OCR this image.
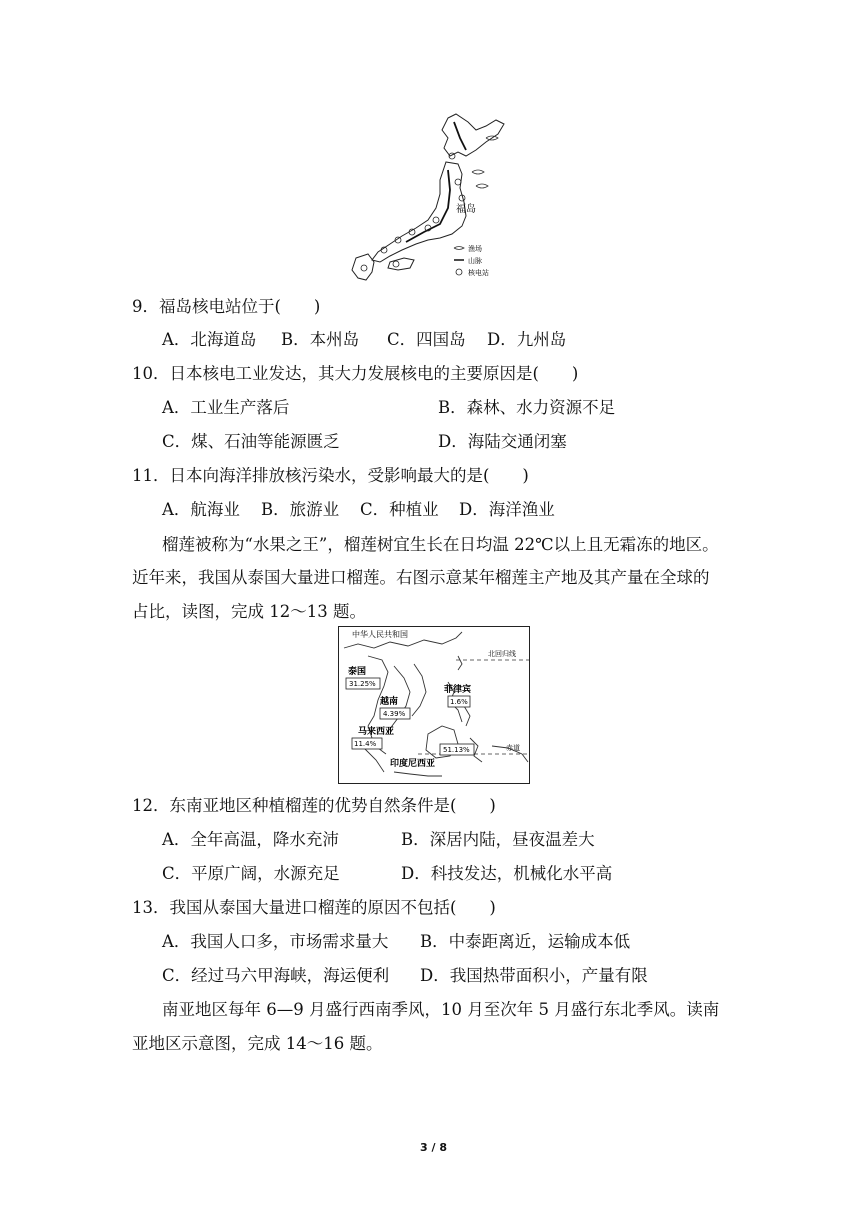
福岛
渔场
山脉
核电站
9．福岛核电站位于(　　)
A．北海道岛 B．本州岛 C．四国岛 D．九州岛
10．日本核电工业发达，其大力发展核电的主要原因是(　　)
A．工业生产落后	B．森林、水力资源不足
C．煤、石油等能源匮乏	D．海陆交通闭塞
11．日本向海洋排放核污染水，受影响最大的是(　　)
A．航海业 B．旅游业 C．种植业 D．海洋渔业
榴莲被称为“水果之王”，榴莲树宜生长在日均温 22℃以上且无霜冻的地区。
近年来，我国从泰国大量进口榴莲。右图示意某年榴莲主产地及其产量在全球的
占比，读图，完成 12～13 题。
中华人民共和国
北回归线
赤道
泰国
31.25%
越南
4.39%
菲律宾
1.6%
马来西亚
11.4%
印度尼西亚
51.13%
12．东南亚地区种植榴莲的优势自然条件是(　　)
A．全年高温，降水充沛	B．深居内陆，昼夜温差大
C．平原广阔，水源充足	D．科技发达，机械化水平高
13．我国从泰国大量进口榴莲的原因不包括(　　)
A．我国人口多，市场需求量大 B．中泰距离近，运输成本低
C．经过马六甲海峡，海运便利 D．我国热带面积小，产量有限
南亚地区每年 6—9 月盛行西南季风，10 月至次年 5 月盛行东北季风。读南
亚地区示意图，完成 14～16 题。
3 / 8
